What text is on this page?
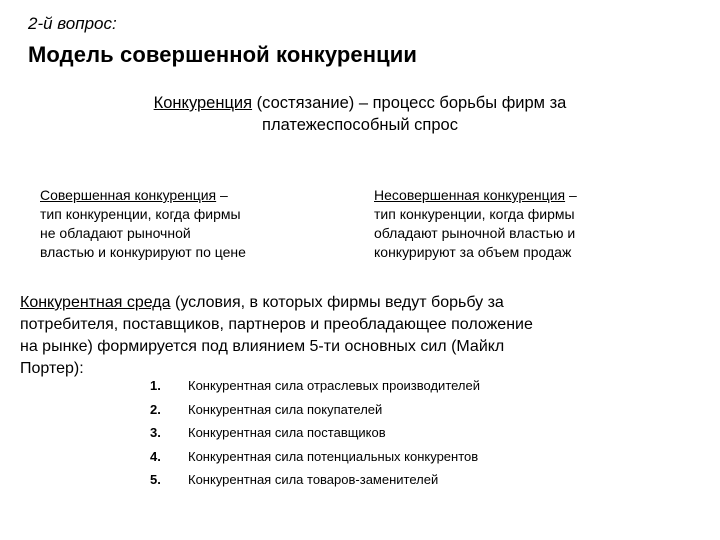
2-й вопрос:
Модель совершенной конкуренции
Конкуренция (состязание) – процесс борьбы фирм за
платежеспособный спрос
Совершенная конкуренция –
тип конкуренции, когда фирмы
не обладают рыночной
властью и конкурируют по цене
Несовершенная конкуренция –
тип конкуренции, когда фирмы
обладают рыночной властью и
конкурируют за объем продаж
Конкурентная среда (условия, в которых фирмы ведут борьбу за
потребителя, поставщиков, партнеров и преобладающее положение
на рынке) формируется под влиянием 5-ти основных сил (Майкл
Портер):
1.	Конкурентная сила отраслевых производителей
2.	Конкурентная сила покупателей
3.	Конкурентная сила поставщиков
4.	Конкурентная сила потенциальных конкурентов
5.	Конкурентная сила товаров-заменителей
